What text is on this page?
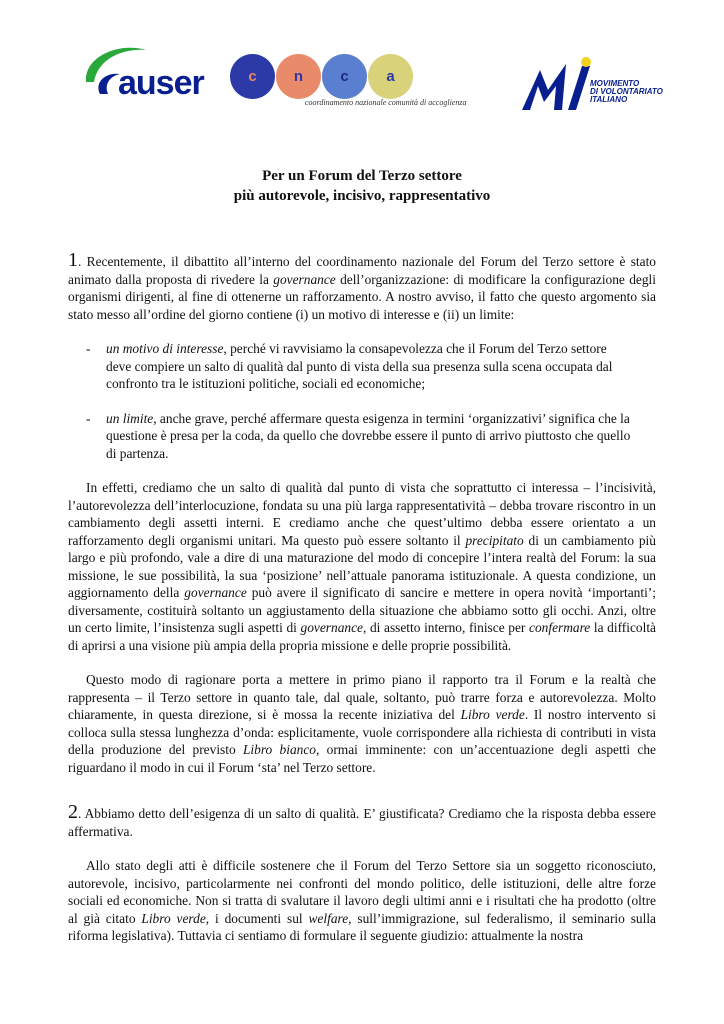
auser	c	n	c	a
coordinamento nazionale comunità di accoglienza
MOVIMENTO
DI VOLONTARIATO
ITALIANO
Per un Forum del Terzo settore
più autorevole, incisivo, rappresentativo

1. Recentemente, il dibattito all’interno del coordinamento nazionale del Forum del Terzo settore è stato animato dalla proposta di rivedere la governance dell’organizzazione: di modificare la configurazione degli organismi dirigenti, al fine di ottenerne un rafforzamento. A nostro avviso, il fatto che questo argomento sia stato messo all’ordine del giorno contiene (i) un motivo di interesse e (ii) un limite:

- un motivo di interesse, perché vi ravvisiamo la consapevolezza che il Forum del Terzo settore deve compiere un salto di qualità dal punto di vista della sua presenza sulla scena occupata dal confronto tra le istituzioni politiche, sociali ed economiche;
- un limite, anche grave, perché affermare questa esigenza in termini ‘organizzativi’ significa che la questione è presa per la coda, da quello che dovrebbe essere il punto di arrivo piuttosto che quello di partenza.

In effetti, crediamo che un salto di qualità dal punto di vista che soprattutto ci interessa – l’incisività, l’autorevolezza dell’interlocuzione, fondata su una più larga rappresentatività – debba trovare riscontro in un cambiamento degli assetti interni. E crediamo anche che quest’ultimo debba essere orientato a un rafforzamento degli organismi unitari. Ma questo può essere soltanto il precipitato di un cambiamento più largo e più profondo, vale a dire di una maturazione del modo di concepire l’intera realtà del Forum: la sua missione, le sue possibilità, la sua ‘posizione’ nell’attuale panorama istituzionale. A questa condizione, un aggiornamento della governance può avere il significato di sancire e mettere in opera novità ‘importanti’; diversamente, costituirà soltanto un aggiustamento della situazione che abbiamo sotto gli occhi. Anzi, oltre un certo limite, l’insistenza sugli aspetti di governance, di assetto interno, finisce per confermare la difficoltà di aprirsi a una visione più ampia della propria missione e delle proprie possibilità.

Questo modo di ragionare porta a mettere in primo piano il rapporto tra il Forum e la realtà che rappresenta – il Terzo settore in quanto tale, dal quale, soltanto, può trarre forza e autorevolezza. Molto chiaramente, in questa direzione, si è mossa la recente iniziativa del Libro verde. Il nostro intervento si colloca sulla stessa lunghezza d’onda: esplicitamente, vuole corrispondere alla richiesta di contributi in vista della produzione del previsto Libro bianco, ormai imminente: con un’accentuazione degli aspetti che riguardano il modo in cui il Forum ‘sta’ nel Terzo settore.

2. Abbiamo detto dell’esigenza di un salto di qualità. E’ giustificata? Crediamo che la risposta debba essere affermativa.

Allo stato degli atti è difficile sostenere che il Forum del Terzo Settore sia un soggetto riconosciuto, autorevole, incisivo, particolarmente nei confronti del mondo politico, delle istituzioni, delle altre forze sociali ed economiche. Non si tratta di svalutare il lavoro degli ultimi anni e i risultati che ha prodotto (oltre al già citato Libro verde, i documenti sul welfare, sull’immigrazione, sul federalismo, il seminario sulla riforma legislativa). Tuttavia ci sentiamo di formulare il seguente giudizio: attualmente la nostra
